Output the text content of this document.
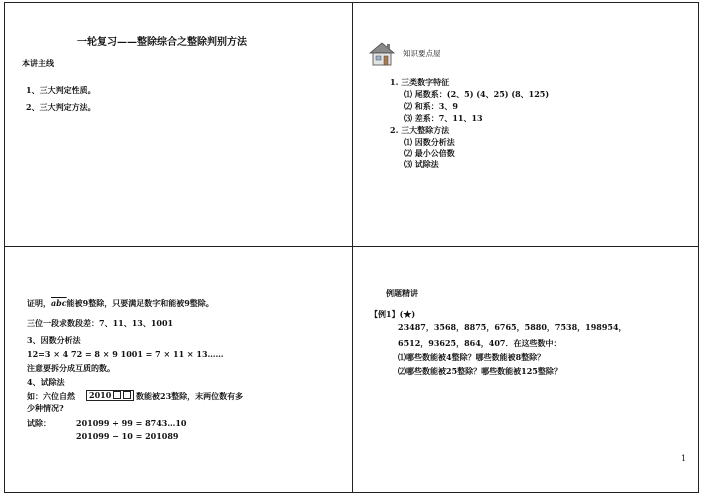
一轮复习——整除综合之整除判别方法
本讲主线
1、三大判定性质。
2、三大判定方法。
知识要点屋
1. 三类数字特征
⑴ 尾数系：(2、5) (4、25) (8、125)
⑵ 和系：3、9
⑶ 差系：7、11、13
2. 三大整除方法
⑴ 因数分析法
⑵ 最小公倍数
⑶ 试除法
证明，$\overline{abc}$能被9整除，只要满足数字和能被9整除。
三位一段求数段差：7、11、13、1001
3、因数分析法
12=3 × 4 72 = 8 × 9 1001 = 7 × 11 × 13……
注意要拆分成互质的数。
4、试除法
如：六位自然	2010	数能被23整除，末两位数有多
少种情况?
试除：	201099 ÷ 99 = 8743…10
201099 − 10 = 201089
例题精讲
【例1】(★)
23487，3568，8875，6765，5880，7538，198954，
6512，93625，864，407．在这些数中：
⑴哪些数能被4整除？哪些数能被8整除？
⑵哪些数能被25整除？哪些数能被125整除？
1
